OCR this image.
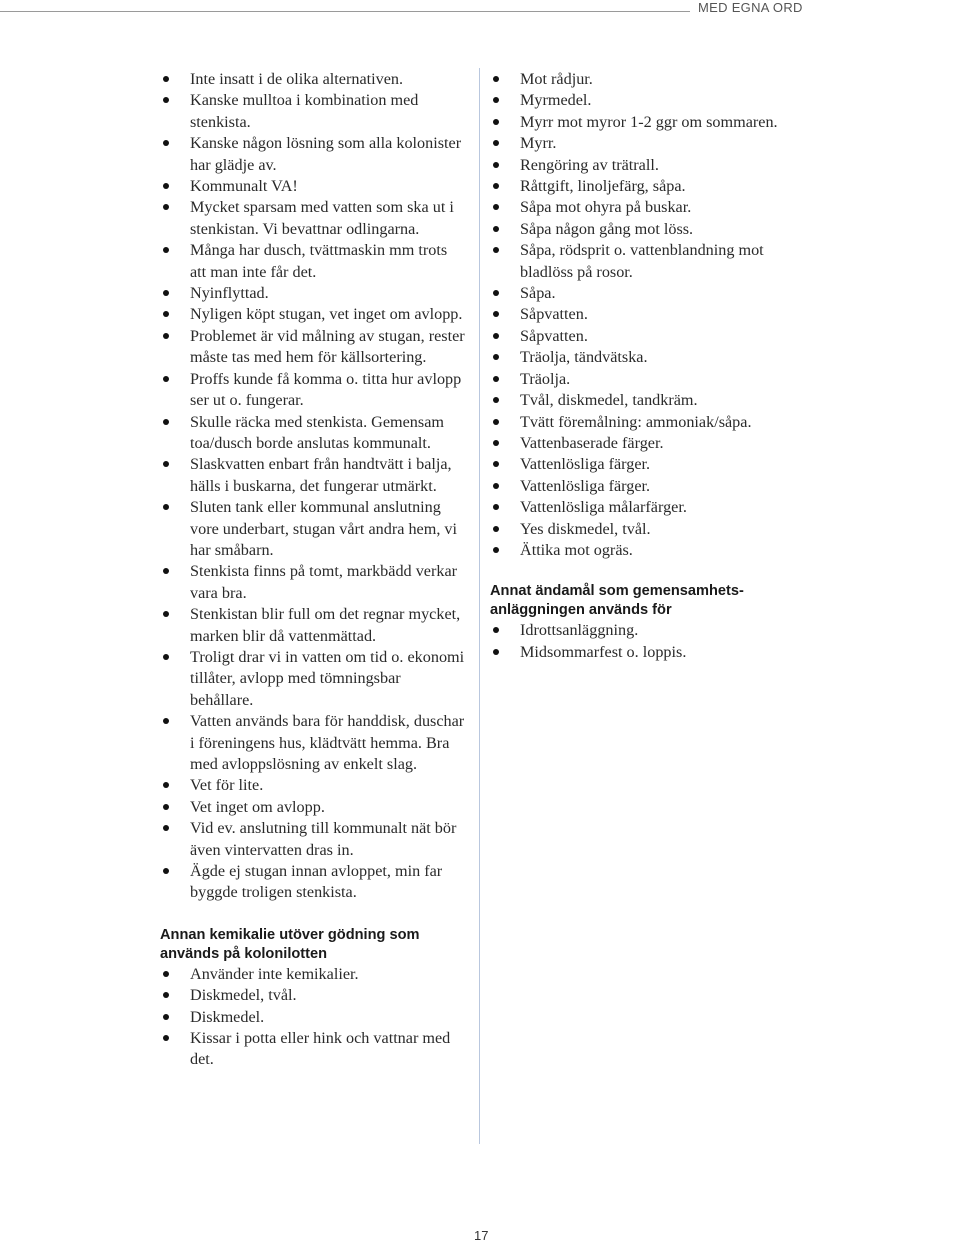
MED EGNA ORD
Inte insatt i de olika alternativen.
Kanske mulltoa i kombination med stenkista.
Kanske någon lösning som alla kolonister har glädje av.
Kommunalt VA!
Mycket sparsam med vatten som ska ut i stenkistan. Vi bevattnar odlingarna.
Många har dusch, tvättmaskin mm trots att man inte får det.
Nyinflyttad.
Nyligen köpt stugan, vet inget om avlopp.
Problemet är vid målning av stugan, rester måste tas med hem för källsortering.
Proffs kunde få komma o. titta hur avlopp ser ut o. fungerar.
Skulle räcka med stenkista. Gemensam toa/dusch borde anslutas kommunalt.
Slaskvatten enbart från handtvätt i balja, hälls i buskarna, det fungerar utmärkt.
Sluten tank eller kommunal anslutning vore underbart, stugan vårt andra hem, vi har småbarn.
Stenkista finns på tomt, markbädd verkar vara bra.
Stenkistan blir full om det regnar mycket, marken blir då vattenmättad.
Troligt drar vi in vatten om tid o. ekonomi tillåter, avlopp med tömningsbar behållare.
Vatten används bara för handdisk, duschar i föreningens hus, klädtvätt hemma. Bra med avloppslösning av enkelt slag.
Vet för lite.
Vet inget om avlopp.
Vid ev. anslutning till kommunalt nät bör även vintervatten dras in.
Ägde ej stugan innan avloppet, min far byggde troligen stenkista.
Annan kemikalie utöver gödning som används på kolonilotten
Använder inte kemikalier.
Diskmedel, tvål.
Diskmedel.
Kissar i potta eller hink och vattnar med det.
Mot rådjur.
Myrmedel.
Myrr mot myror 1-2 ggr om sommaren.
Myrr.
Rengöring av trätrall.
Råttgift, linoljefärg, såpa.
Såpa mot ohyra på buskar.
Såpa någon gång mot löss.
Såpa, rödsprit o. vattenblandning mot bladlöss på rosor.
Såpa.
Såpvatten.
Såpvatten.
Träolja, tändvätska.
Träolja.
Tvål, diskmedel, tandkräm.
Tvätt föremålning: ammoniak/såpa.
Vattenbaserade färger.
Vattenlösliga färger.
Vattenlösliga färger.
Vattenlösliga målarfärger.
Yes diskmedel, tvål.
Ättika mot ogräs.
Annat ändamål som gemensamhets-anläggningen används för
Idrottsanläggning.
Midsommarfest o. loppis.
17
